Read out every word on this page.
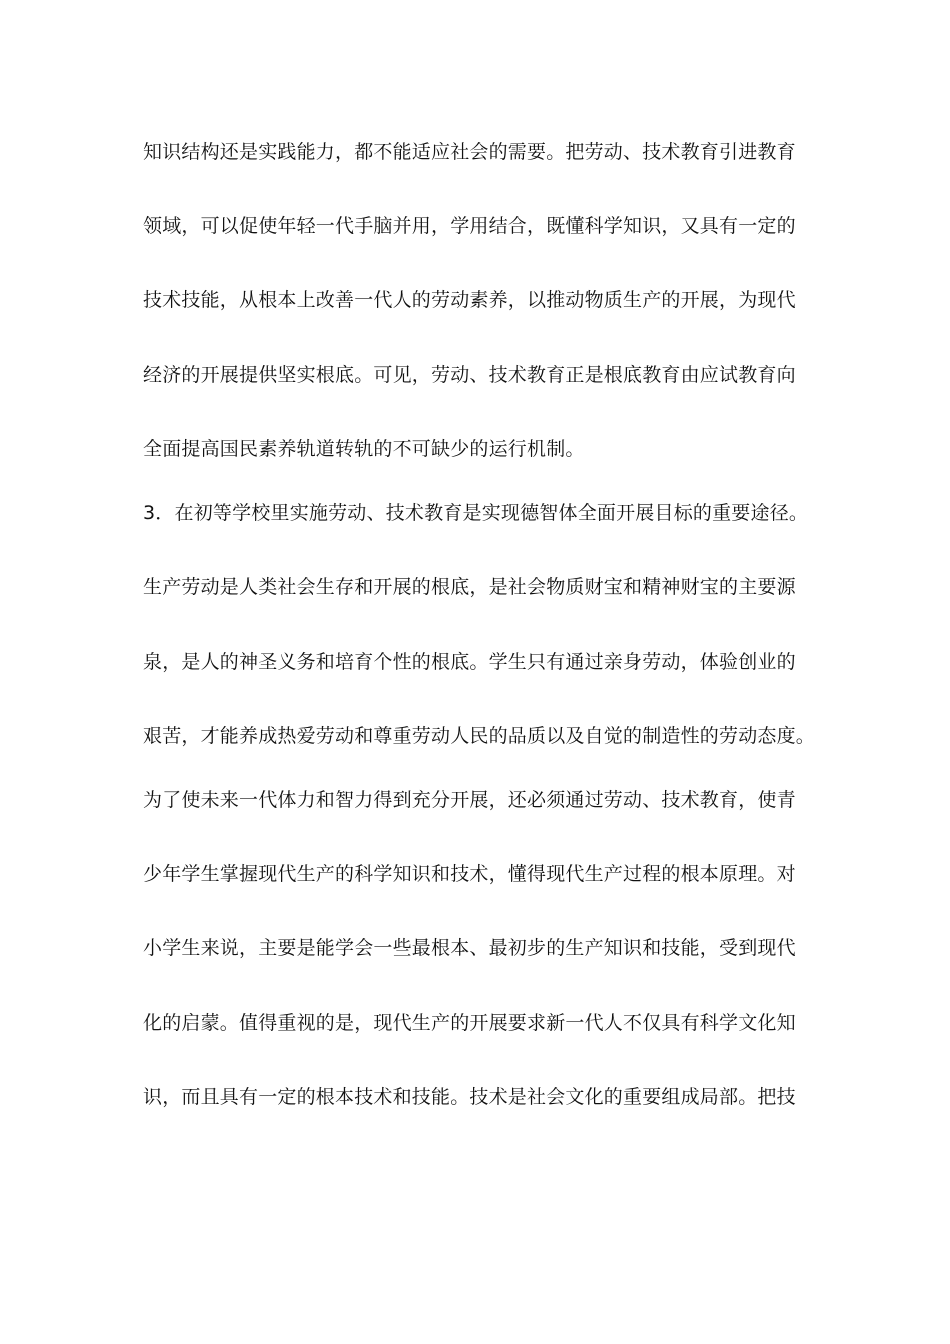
知识结构还是实践能力，都不能适应社会的需要。把劳动、技术教育引进教育
领域，可以促使年轻一代手脑并用，学用结合，既懂科学知识，又具有一定的
技术技能，从根本上改善一代人的劳动素养，以推动物质生产的开展，为现代
经济的开展提供坚实根底。可见，劳动、技术教育正是根底教育由应试教育向
全面提高国民素养轨道转轨的不可缺少的运行机制。
3．在初等学校里实施劳动、技术教育是实现德智体全面开展目标的重要途径。
生产劳动是人类社会生存和开展的根底，是社会物质财宝和精神财宝的主要源
泉，是人的神圣义务和培育个性的根底。学生只有通过亲身劳动，体验创业的
艰苦，才能养成热爱劳动和尊重劳动人民的品质以及自觉的制造性的劳动态度。
为了使未来一代体力和智力得到充分开展，还必须通过劳动、技术教育，使青
少年学生掌握现代生产的科学知识和技术，懂得现代生产过程的根本原理。对
小学生来说，主要是能学会一些最根本、最初步的生产知识和技能，受到现代
化的启蒙。值得重视的是，现代生产的开展要求新一代人不仅具有科学文化知
识，而且具有一定的根本技术和技能。技术是社会文化的重要组成局部。把技
